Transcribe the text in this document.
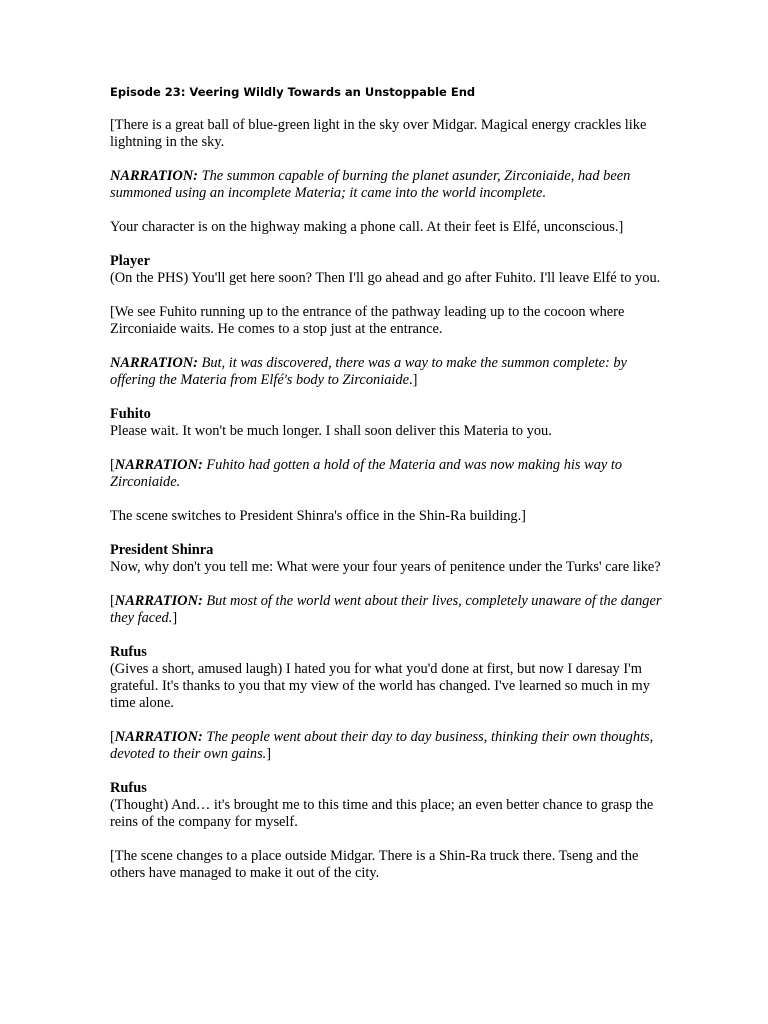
Episode 23: Veering Wildly Towards an Unstoppable End

[There is a great ball of blue-green light in the sky over Midgar. Magical energy crackles like lightning in the sky.

NARRATION: The summon capable of burning the planet asunder, Zirconiaide, had been summoned using an incomplete Materia; it came into the world incomplete.

Your character is on the highway making a phone call. At their feet is Elfé, unconscious.]

Player

(On the PHS) You'll get here soon? Then I'll go ahead and go after Fuhito. I'll leave Elfé to you.

[We see Fuhito running up to the entrance of the pathway leading up to the cocoon where Zirconiaide waits. He comes to a stop just at the entrance.

NARRATION: But, it was discovered, there was a way to make the summon complete: by offering the Materia from Elfé's body to Zirconiaide.]

Fuhito

Please wait. It won't be much longer. I shall soon deliver this Materia to you.

[NARRATION: Fuhito had gotten a hold of the Materia and was now making his way to Zirconiaide.

The scene switches to President Shinra's office in the Shin-Ra building.]

President Shinra

Now, why don't you tell me: What were your four years of penitence under the Turks' care like?

[NARRATION: But most of the world went about their lives, completely unaware of the danger they faced.]

Rufus

(Gives a short, amused laugh) I hated you for what you'd done at first, but now I daresay I'm grateful. It's thanks to you that my view of the world has changed. I've learned so much in my time alone.

[NARRATION: The people went about their day to day business, thinking their own thoughts, devoted to their own gains.]

Rufus

(Thought) And… it's brought me to this time and this place; an even better chance to grasp the reins of the company for myself.

[The scene changes to a place outside Midgar. There is a Shin-Ra truck there. Tseng and the others have managed to make it out of the city.
